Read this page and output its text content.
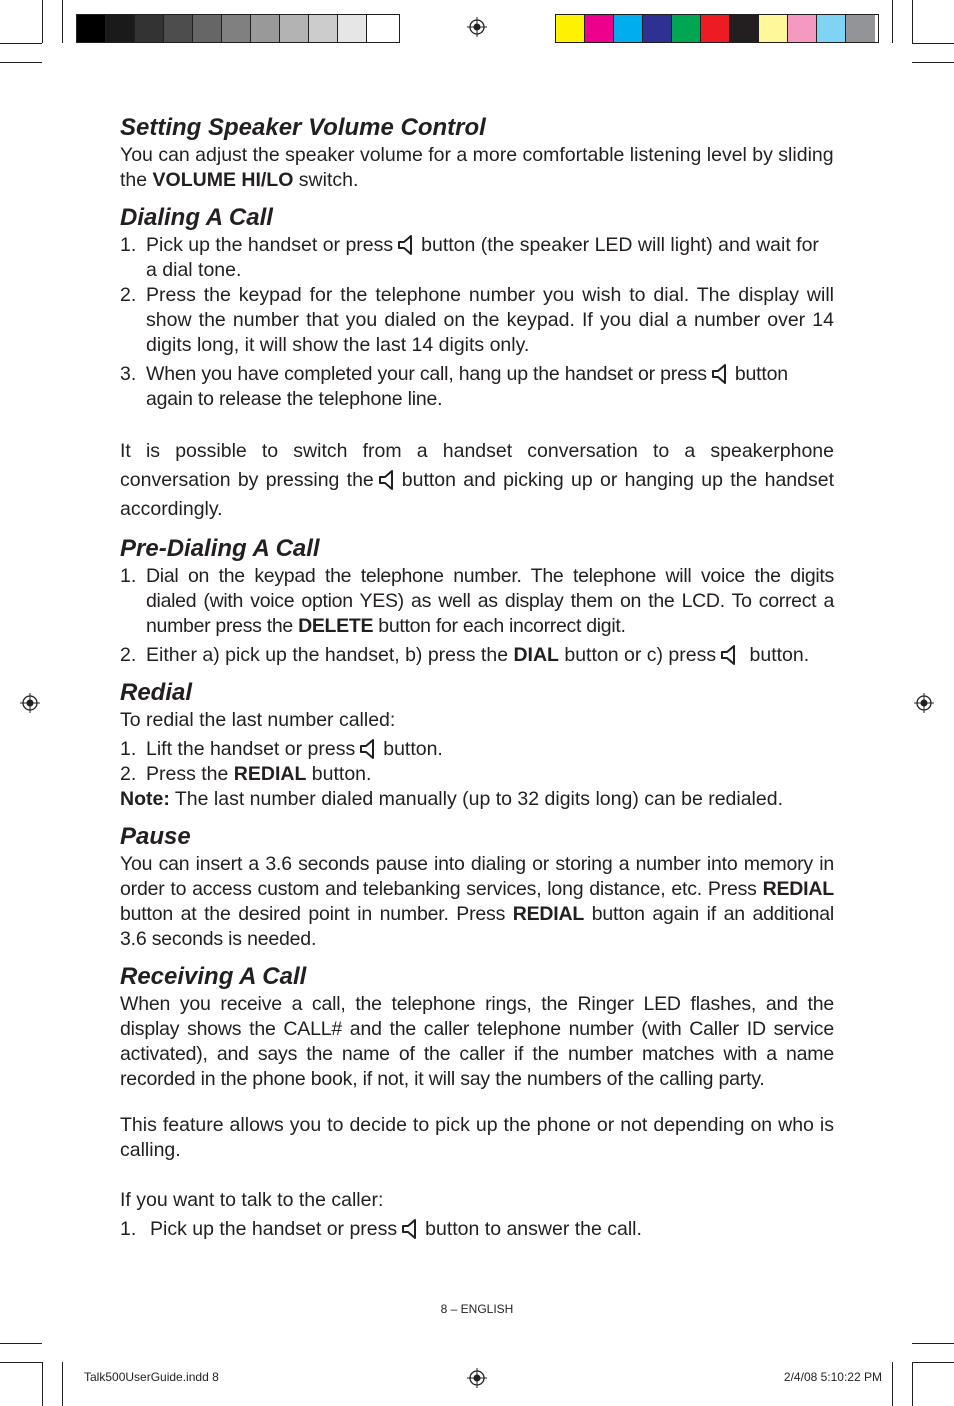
Setting Speaker Volume Control

You can adjust the speaker volume for a more comfortable listening level by sliding the VOLUME HI/LO switch.

Dialing A Call
1. Pick up the handset or press button (the speaker LED will light) and wait for a dial tone.
2. Press the keypad for the telephone number you wish to dial. The display will show the number that you dialed on the keypad. If you dial a number over 14 digits long, it will show the last 14 digits only.
3. When you have completed your call, hang up the handset or press button again to release the telephone line.

It is possible to switch from a handset conversation to a speakerphone conversation by pressing the button and picking up or hanging up the handset accordingly.

Pre-Dialing A Call
1. Dial on the keypad the telephone number. The telephone will voice the digits dialed (with voice option YES) as well as display them on the LCD. To correct a number press the DELETE button for each incorrect digit.
2. Either a) pick up the handset, b) press the DIAL button or c) press button.
Redial

To redial the last number called:

1. Lift the handset or press button.
2. Press the REDIAL button.

Note: The last number dialed manually (up to 32 digits long) can be redialed.

Pause

You can insert a 3.6 seconds pause into dialing or storing a number into memory in order to access custom and telebanking services, long distance, etc. Press REDIAL button at the desired point in number. Press REDIAL button again if an additional 3.6 seconds is needed.

Receiving A Call

When you receive a call, the telephone rings, the Ringer LED flashes, and the display shows the CALL# and the caller telephone number (with Caller ID service activated), and says the name of the caller if the number matches with a name recorded in the phone book, if not, it will say the numbers of the calling party.

This feature allows you to decide to pick up the phone or not depending on who is calling.

If you want to talk to the caller:

1. Pick up the handset or press button to answer the call.
8 – ENGLISH
Talk500UserGuide.indd 8	2/4/08 5:10:22 PM
